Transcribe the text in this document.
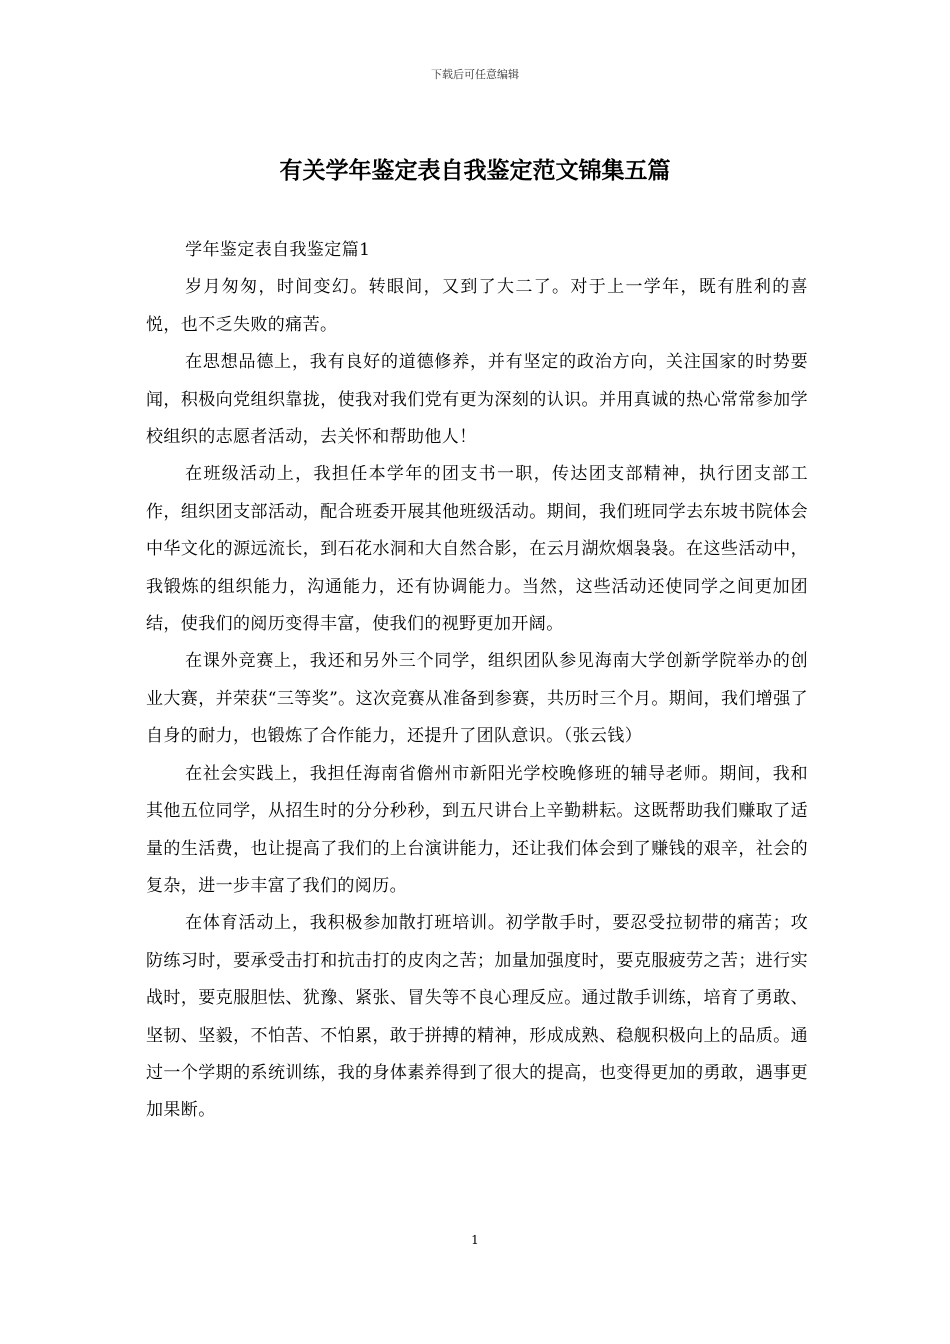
下载后可任意编辑
有关学年鉴定表自我鉴定范文锦集五篇

学年鉴定表自我鉴定篇1

岁月匆匆，时间变幻。转眼间，又到了大二了。对于上一学年，既有胜利的喜悦，也不乏失败的痛苦。

在思想品德上，我有良好的道德修养，并有坚定的政治方向，关注国家的时势要闻，积极向党组织靠拢，使我对我们党有更为深刻的认识。并用真诚的热心常常参加学校组织的志愿者活动，去关怀和帮助他人！

在班级活动上，我担任本学年的团支书一职，传达团支部精神，执行团支部工作，组织团支部活动，配合班委开展其他班级活动。期间，我们班同学去东坡书院体会中华文化的源远流长，到石花水洞和大自然合影，在云月湖炊烟袅袅。在这些活动中，我锻炼的组织能力，沟通能力，还有协调能力。当然，这些活动还使同学之间更加团结，使我们的阅历变得丰富，使我们的视野更加开阔。

在课外竞赛上，我还和另外三个同学，组织团队参见海南大学创新学院举办的创业大赛，并荣获“三等奖”。这次竞赛从准备到参赛，共历时三个月。期间，我们增强了自身的耐力，也锻炼了合作能力，还提升了团队意识。（张云钱）

在社会实践上，我担任海南省儋州市新阳光学校晚修班的辅导老师。期间，我和其他五位同学，从招生时的分分秒秒，到五尺讲台上辛勤耕耘。这既帮助我们赚取了适量的生活费，也让提高了我们的上台演讲能力，还让我们体会到了赚钱的艰辛，社会的复杂，进一步丰富了我们的阅历。

在体育活动上，我积极参加散打班培训。初学散手时，要忍受拉韧带的痛苦；攻防练习时，要承受击打和抗击打的皮肉之苦；加量加强度时，要克服疲劳之苦；进行实战时，要克服胆怯、犹豫、紧张、冒失等不良心理反应。通过散手训练，培育了勇敢、坚韧、坚毅，不怕苦、不怕累，敢于拼搏的精神，形成成熟、稳舰积极向上的品质。通过一个学期的系统训练，我的身体素养得到了很大的提高，也变得更加的勇敢，遇事更加果断。

1
